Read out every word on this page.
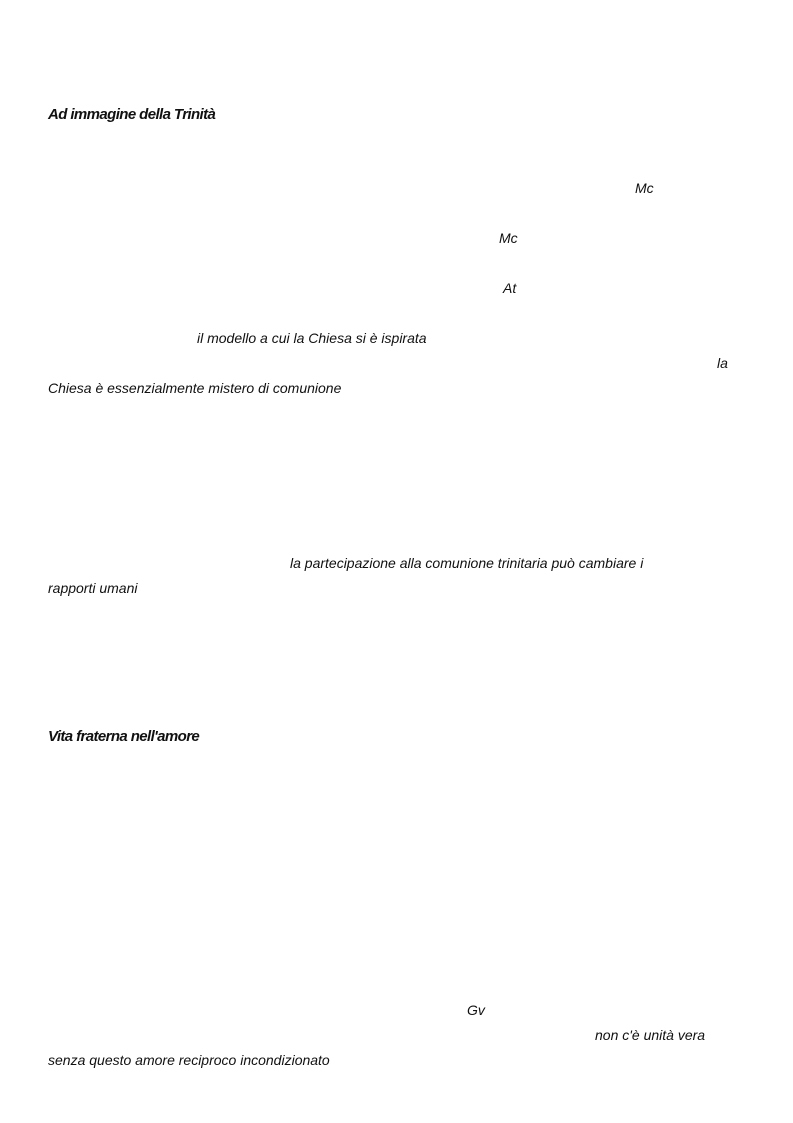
Ad immagine della Trinità

Mc

Mc

At

il modello a cui la Chiesa si è ispirata

la

Chiesa è essenzialmente mistero di comunione

la partecipazione alla comunione trinitaria può cambiare i

rapporti umani

Vita fraterna nell'amore

Gv

non c'è unità vera

senza questo amore reciproco incondizionato
